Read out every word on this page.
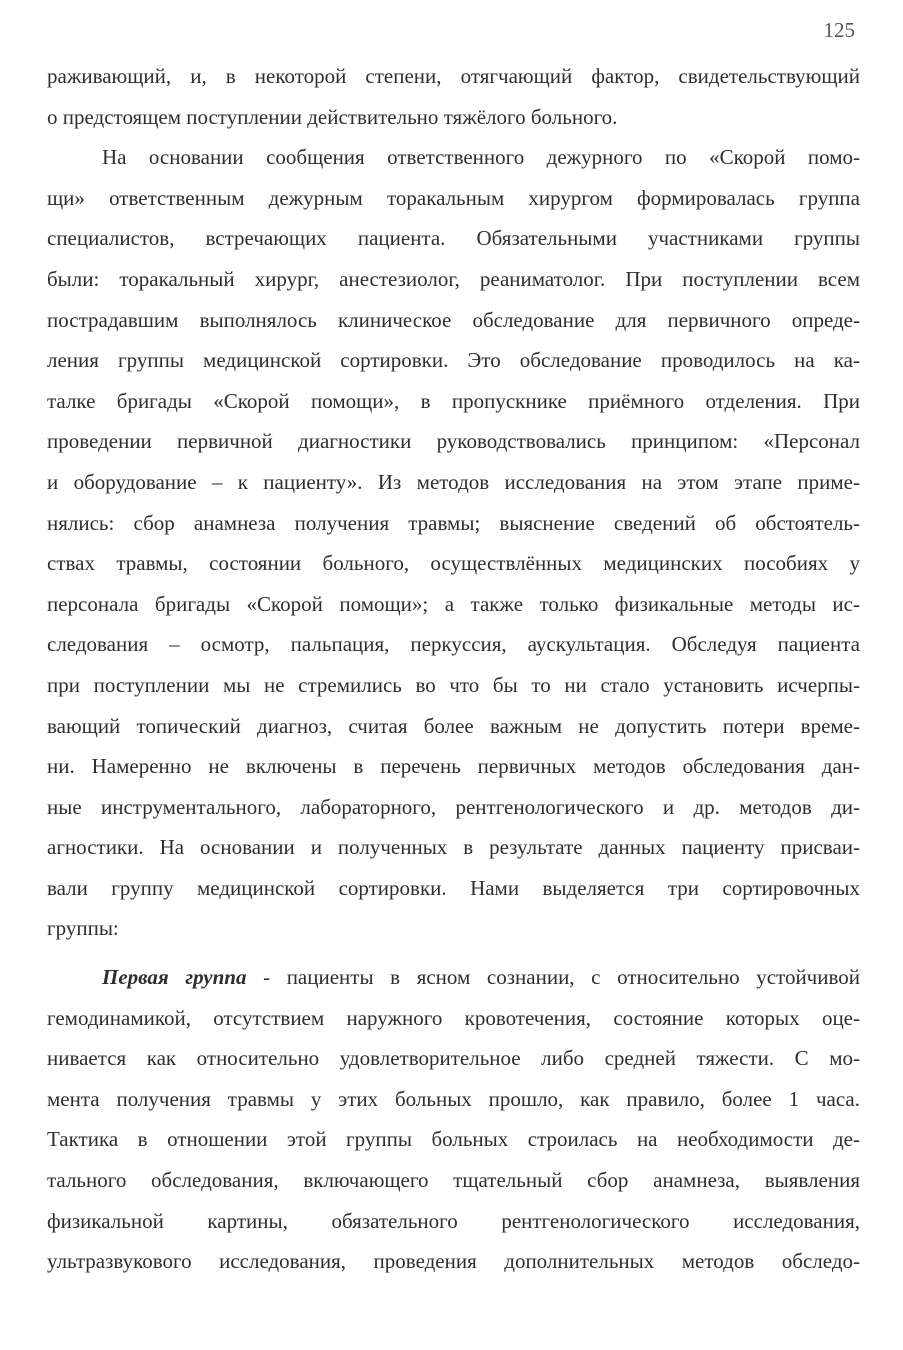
125
раживающий, и, в некоторой степени, отягчающий фактор, свидетельствующий
о предстоящем поступлении действительно тяжёлого больного.
На основании сообщения ответственного дежурного по «Скорой помо-
щи» ответственным дежурным торакальным хирургом формировалась группа
специалистов, встречающих пациента. Обязательными участниками группы
были: торакальный хирург, анестезиолог, реаниматолог. При поступлении всем
пострадавшим выполнялось клиническое обследование для первичного опреде-
ления группы медицинской сортировки. Это обследование проводилось на ка-
талке бригады «Скорой помощи», в пропускнике приёмного отделения. При
проведении первичной диагностики руководствовались принципом: «Персонал
и оборудование – к пациенту». Из методов исследования на этом этапе приме-
нялись: сбор анамнеза получения травмы; выяснение сведений об обстоятель-
ствах травмы, состоянии больного, осуществлённых медицинских пособиях у
персонала бригады «Скорой помощи»; а также только физикальные методы ис-
следования – осмотр, пальпация, перкуссия, аускультация. Обследуя пациента
при поступлении мы не стремились во что бы то ни стало установить исчерпы-
вающий топический диагноз, считая более важным не допустить потери време-
ни. Намеренно не включены в перечень первичных методов обследования дан-
ные инструментального, лабораторного, рентгенологического и др. методов ди-
агностики. На основании и полученных в результате данных пациенту присваи-
вали группу медицинской сортировки. Нами выделяется три сортировочных
группы:
Первая группа - пациенты в ясном сознании, с относительно устойчивой
гемодинамикой, отсутствием наружного кровотечения, состояние которых оце-
нивается как относительно удовлетворительное либо средней тяжести. С мо-
мента получения травмы у этих больных прошло, как правило, более 1 часа.
Тактика в отношении этой группы больных строилась на необходимости де-
тального обследования, включающего тщательный сбор анамнеза, выявления
физикальной картины, обязательного рентгенологического исследования,
ультразвукового исследования, проведения дополнительных методов обследо-
